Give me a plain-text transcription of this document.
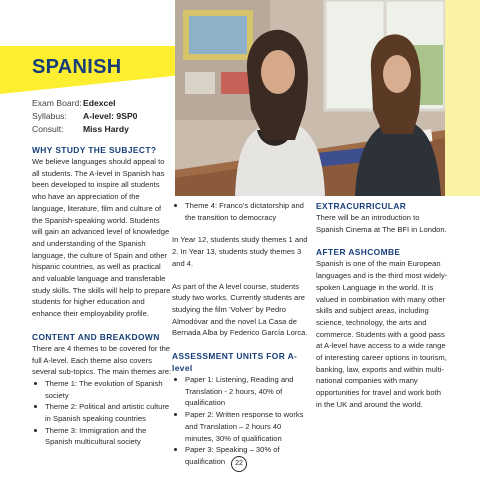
SPANISH
Exam Board: Edexcel
Syllabus:	A-level: 9SP0
Consult:	Miss Hardy
WHY STUDY THE SUBJECT?

We believe languages should appeal to all students. The A-level in Spanish has been developed to inspire all students who have an appreciation of the language, literature, film and culture of the Spanish-speaking world. Students will gain an advanced level of knowledge and understanding of the Spanish language, the culture of Spain and other hispanic countries, as well as practical and valuable language and transferable study skills. The skills will help to prepare students for higher education and enhance their employability profile.

CONTENT AND BREAKDOWN

There are 4 themes to be covered for the full A-level. Each theme also covers several sub-topics. The main themes are:

Theme 1: The evolution of Spanish society
Theme 2: Political and artistic culture in Spanish speaking countries
Theme 3: Immigration and the Spanish multicultural society
Theme 4: Franco’s dictatorship and the transition to democracy

In Year 12, students study themes 1 and 2. In Year 13, students study themes 3 and 4.

As part of the A level course, students study two works. Currently students are studying the film ‘Volver’ by Pedro Almodóvar and the novel La Casa de Bernada Alba by Federico García Lorca.

ASSESSMENT UNITS FOR A-level
Paper 1: Listening, Reading and Translation - 2 hours, 40% of qualification
Paper 2: Written response to works and Translation – 2 hours 40 minutes, 30% of qualification
Paper 3: Speaking – 30% of qualification
EXTRACURRICULAR

There will be an introduction to Spanish Cinema at The BFI in London.

AFTER ASHCOMBE

Spanish is one of the main European languages and is the third most widely-spoken Language in the world. It is valued in combination with many other skills and subject areas, including science, technology, the arts and commerce. Students with a good pass at A-level have access to a wide range of interesting career options in tourism, banking, law, exports and within multi-national companies with many opportunities for travel and work both in the UK and around the world.

22
